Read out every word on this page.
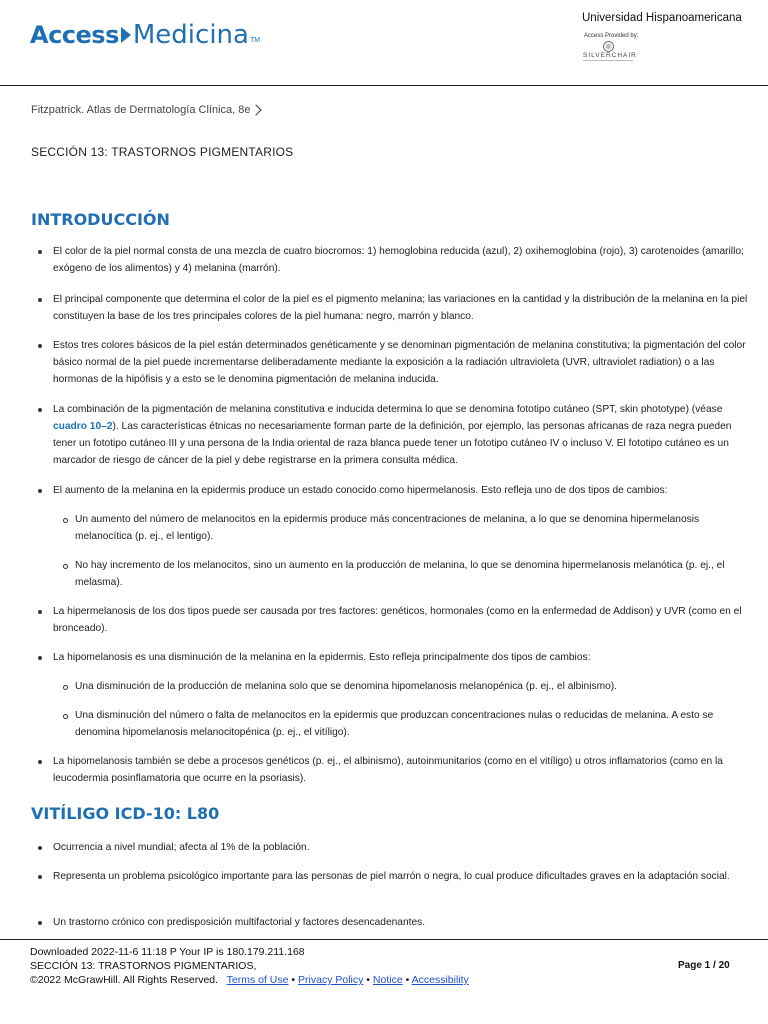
Access Medicina TM
Universidad Hispanoamericana
Access Provided by:
SILVERCHAIR
Fitzpatrick. Atlas de Dermatología Clínica, 8e
SECCIÓN 13: TRASTORNOS PIGMENTARIOS
INTRODUCCIÓN
El color de la piel normal consta de una mezcla de cuatro biocromos: 1) hemoglobina reducida (azul), 2) oxihemoglobina (rojo), 3) carotenoides (amarillo; exógeno de los alimentos) y 4) melanina (marrón).
El principal componente que determina el color de la piel es el pigmento melanina; las variaciones en la cantidad y la distribución de la melanina en la piel constituyen la base de los tres principales colores de la piel humana: negro, marrón y blanco.
Estos tres colores básicos de la piel están determinados genéticamente y se denominan pigmentación de melanina constitutiva; la pigmentación del color básico normal de la piel puede incrementarse deliberadamente mediante la exposición a la radiación ultravioleta (UVR, ultraviolet radiation) o a las hormonas de la hipófisis y a esto se le denomina pigmentación de melanina inducida.
La combinación de la pigmentación de melanina constitutiva e inducida determina lo que se denomina fototipo cutáneo (SPT, skin phototype) (véase cuadro 10–2). Las características étnicas no necesariamente forman parte de la definición, por ejemplo, las personas africanas de raza negra pueden tener un fototipo cutáneo III y una persona de la India oriental de raza blanca puede tener un fototipo cutáneo IV o incluso V. El fototipo cutáneo es un marcador de riesgo de cáncer de la piel y debe registrarse en la primera consulta médica.
El aumento de la melanina en la epidermis produce un estado conocido como hipermelanosis. Esto refleja uno de dos tipos de cambios:
Un aumento del número de melanocitos en la epidermis produce más concentraciones de melanina, a lo que se denomina hipermelanosis melanocítica (p. ej., el lentigo).
No hay incremento de los melanocitos, sino un aumento en la producción de melanina, lo que se denomina hipermelanosis melanótica (p. ej., el melasma).
La hipermelanosis de los dos tipos puede ser causada por tres factores: genéticos, hormonales (como en la enfermedad de Addison) y UVR (como en el bronceado).
La hipomelanosis es una disminución de la melanina en la epidermis. Esto refleja principalmente dos tipos de cambios:
Una disminución de la producción de melanina solo que se denomina hipomelanosis melanopénica (p. ej., el albinismo).
Una disminución del número o falta de melanocitos en la epidermis que produzcan concentraciones nulas o reducidas de melanina. A esto se denomina hipomelanosis melanocitopénica (p. ej., el vitíligo).
La hipomelanosis también se debe a procesos genéticos (p. ej., el albinismo), autoinmunitarios (como en el vitíligo) u otros inflamatorios (como en la leucodermia posinflamatoria que ocurre en la psoriasis).
VITÍLIGO ICD-10: L80
Ocurrencia a nivel mundial; afecta al 1% de la población.
Representa un problema psicológico importante para las personas de piel marrón o negra, lo cual produce dificultades graves en la adaptación social.
Un trastorno crónico con predisposición multifactorial y factores desencadenantes.
Downloaded 2022-11-6 11:18 P Your IP is 180.179.211.168
SECCIÓN 13: TRASTORNOS PIGMENTARIOS,
©2022 McGrawHill. All Rights Reserved. Terms of Use • Privacy Policy • Notice • Accessibility
Page 1 / 20
